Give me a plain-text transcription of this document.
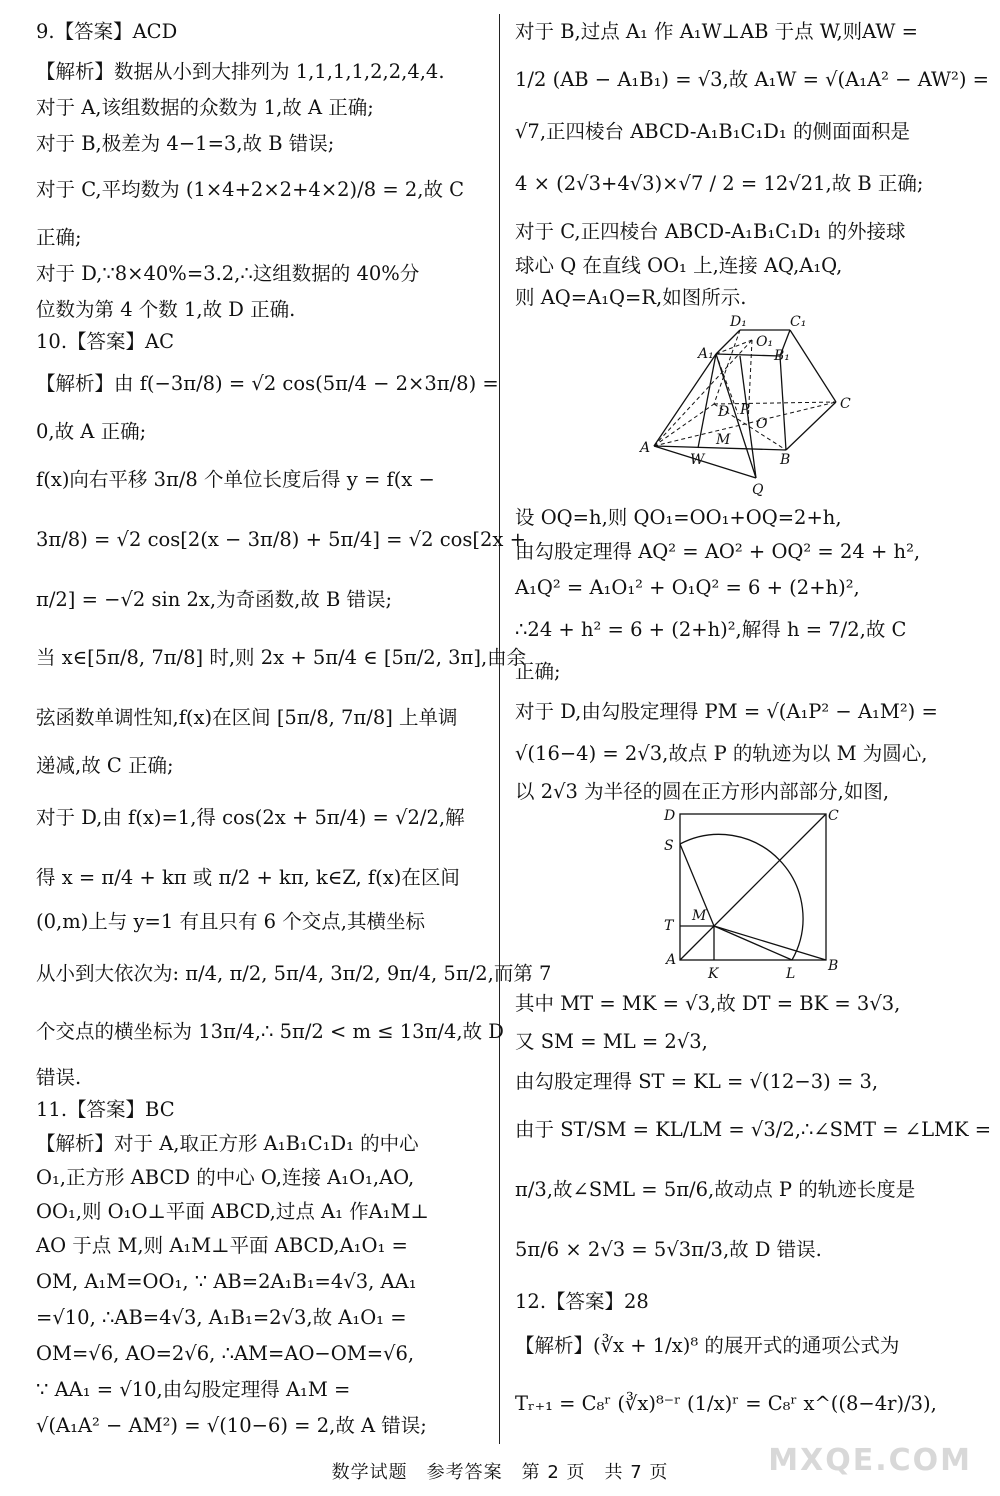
9.【答案】ACD
【解析】数据从小到大排列为 1,1,1,1,2,2,4,4.
对于 A,该组数据的众数为 1,故 A 正确;
对于 B,极差为 4−1=3,故 B 错误;
对于 C,平均数为 (1×4+2×2+4×2)/8 = 2,故 C
正确;
对于 D,∵8×40%=3.2,∴这组数据的 40%分
位数为第 4 个数 1,故 D 正确.
10.【答案】AC
【解析】由 f(−3π/8) = √2 cos(5π/4 − 2×3π/8) =
0,故 A 正确;
f(x)向右平移 3π/8 个单位长度后得 y = f(x −
3π/8) = √2 cos[2(x − 3π/8) + 5π/4] = √2 cos[2x +
π/2] = −√2 sin 2x,为奇函数,故 B 错误;
当 x∈[5π/8, 7π/8] 时,则 2x + 5π/4 ∈ [5π/2, 3π],由余
弦函数单调性知,f(x)在区间 [5π/8, 7π/8] 上单调
递减,故 C 正确;
对于 D,由 f(x)=1,得 cos(2x + 5π/4) = √2/2,解
得 x = π/4 + kπ 或 π/2 + kπ, k∈Z, f(x)在区间
(0,m)上与 y=1 有且只有 6 个交点,其横坐标
从小到大依次为: π/4, π/2, 5π/4, 3π/2, 9π/4, 5π/2,而第 7
个交点的横坐标为 13π/4,∴ 5π/2 < m ≤ 13π/4,故 D
错误.
11.【答案】BC
【解析】对于 A,取正方形 A₁B₁C₁D₁ 的中心
O₁,正方形 ABCD 的中心 O,连接 A₁O₁,AO,
OO₁,则 O₁O⊥平面 ABCD,过点 A₁ 作A₁M⊥
AO 于点 M,则 A₁M⊥平面 ABCD,A₁O₁ =
OM, A₁M=OO₁, ∵ AB=2A₁B₁=4√3, AA₁
=√10, ∴AB=4√3, A₁B₁=2√3,故 A₁O₁ =
OM=√6, AO=2√6, ∴AM=AO−OM=√6,
∵ AA₁ = √10,由勾股定理得 A₁M =
√(A₁A² − AM²) = √(10−6) = 2,故 A 错误;
对于 B,过点 A₁ 作 A₁W⊥AB 于点 W,则AW =
1/2 (AB − A₁B₁) = √3,故 A₁W = √(A₁A² − AW²) =
√7,正四棱台 ABCD-A₁B₁C₁D₁ 的侧面面积是
4 × (2√3+4√3)×√7 / 2 = 12√21,故 B 正确;
对于 C,正四棱台 ABCD-A₁B₁C₁D₁ 的外接球
球心 Q 在直线 OO₁ 上,连接 AQ,A₁Q,
则 AQ=A₁Q=R,如图所示.
设 OQ=h,则 QO₁=OO₁+OQ=2+h,
由勾股定理得 AQ² = AO² + OQ² = 24 + h²,
A₁Q² = A₁O₁² + O₁Q² = 6 + (2+h)²,
∴24 + h² = 6 + (2+h)²,解得 h = 7/2,故 C
正确;
对于 D,由勾股定理得 PM = √(A₁P² − A₁M²) =
√(16−4) = 2√3,故点 P 的轨迹为以 M 为圆心,
以 2√3 为半径的圆在正方形内部部分,如图,
其中 MT = MK = √3,故 DT = BK = 3√3,
又 SM = ML = 2√3,
由勾股定理得 ST = KL = √(12−3) = 3,
由于 ST/SM = KL/LM = √3/2,∴∠SMT = ∠LMK =
π/3,故∠SML = 5π/6,故动点 P 的轨迹长度是
5π/6 × 2√3 = 5√3π/3,故 D 错误.
12.【答案】28
【解析】(∛x + 1/x)⁸ 的展开式的通项公式为
Tᵣ₊₁ = C₈ʳ (∛x)⁸⁻ʳ (1/x)ʳ = C₈ʳ x^((8−4r)/3),
A
B
C
D
A₁	B₁
C₁
D₁
O₁
O
P
M
W
Q
D	C
A	B
S
T
M
K	L
数学试题　参考答案　第 2 页　共 7 页	MXQE.COM
